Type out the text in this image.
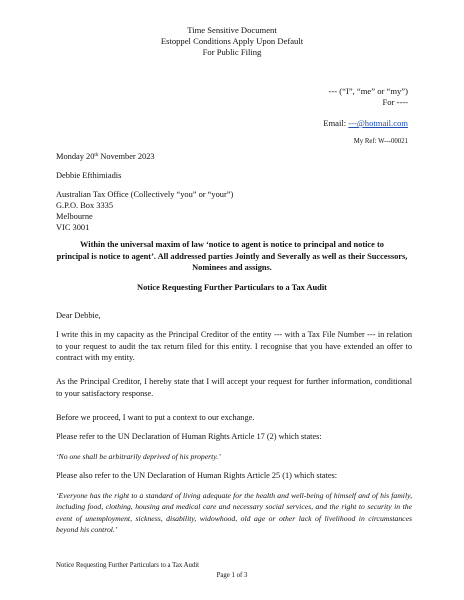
Time Sensitive Document
Estoppel Conditions Apply Upon Default
For Public Filing
--- (“I”, “me” or “my”)
For ----
Email: ---@hotmail.com
My Ref: W---00021
Monday 20th November 2023
Debbie Efthimiadis
Australian Tax Office (Collectively “you” or “your”)
G.P.O. Box 3335
Melbourne
VIC 3001
Within the universal maxim of law ‘notice to agent is notice to principal and notice to
principal is notice to agent’. All addressed parties Jointly and Severally as well as their Successors,
Nominees and assigns.
Notice Requesting Further Particulars to a Tax Audit
Dear Debbie,
I write this in my capacity as the Principal Creditor of the entity --- with a Tax File Number --- in relation to your request to audit the tax return filed for this entity. I recognise that you have extended an offer to contract with my entity.
As the Principal Creditor, I hereby state that I will accept your request for further information, conditional to your satisfactory response.
Before we proceed, I want to put a context to our exchange.
Please refer to the UN Declaration of Human Rights Article 17 (2) which states:
‘No one shall be arbitrarily deprived of his property.’
Please also refer to the UN Declaration of Human Rights Article 25 (1) which states:
‘Everyone has the right to a standard of living adequate for the health and well-being of himself and of his family, including food, clothing, housing and medical care and necessary social services, and the right to security in the event of unemployment, sickness, disability, widowhood, old age or other lack of livelihood in circumstances beyond his control.’
Notice Requesting Further Particulars to a Tax Audit
Page 1 of 3
